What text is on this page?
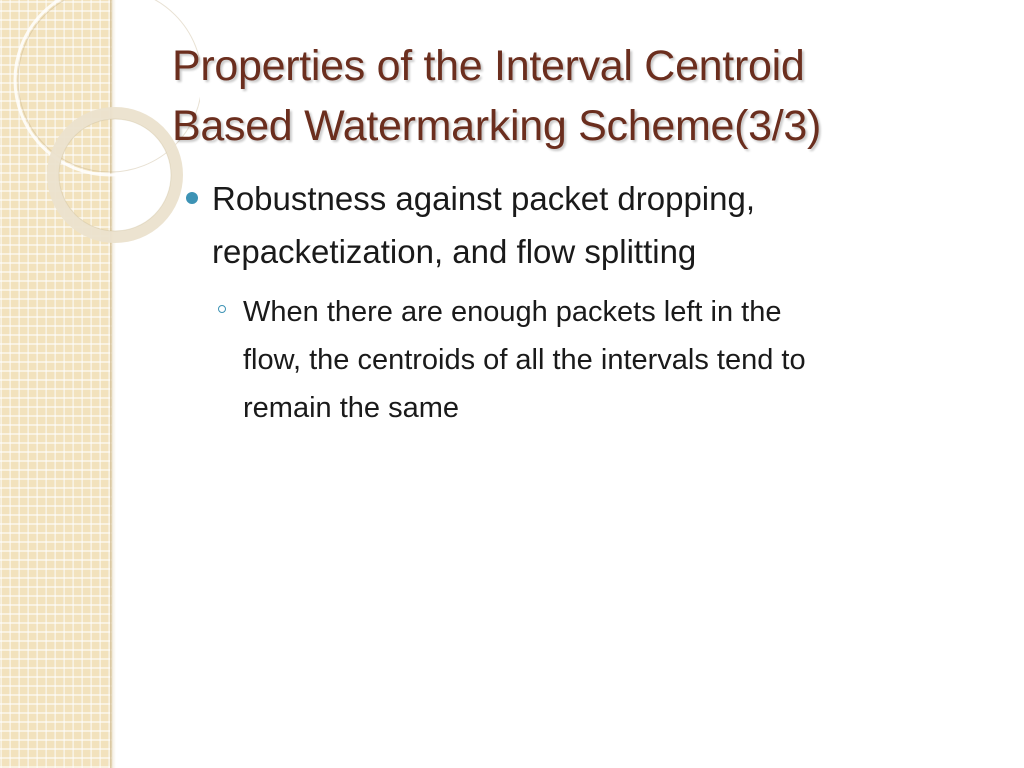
Properties of the Interval Centroid
Based Watermarking Scheme(3/3)
Robustness against packet dropping,
repacketization, and flow splitting
When there are enough packets left in the
flow, the centroids of all the intervals tend to
remain the same
